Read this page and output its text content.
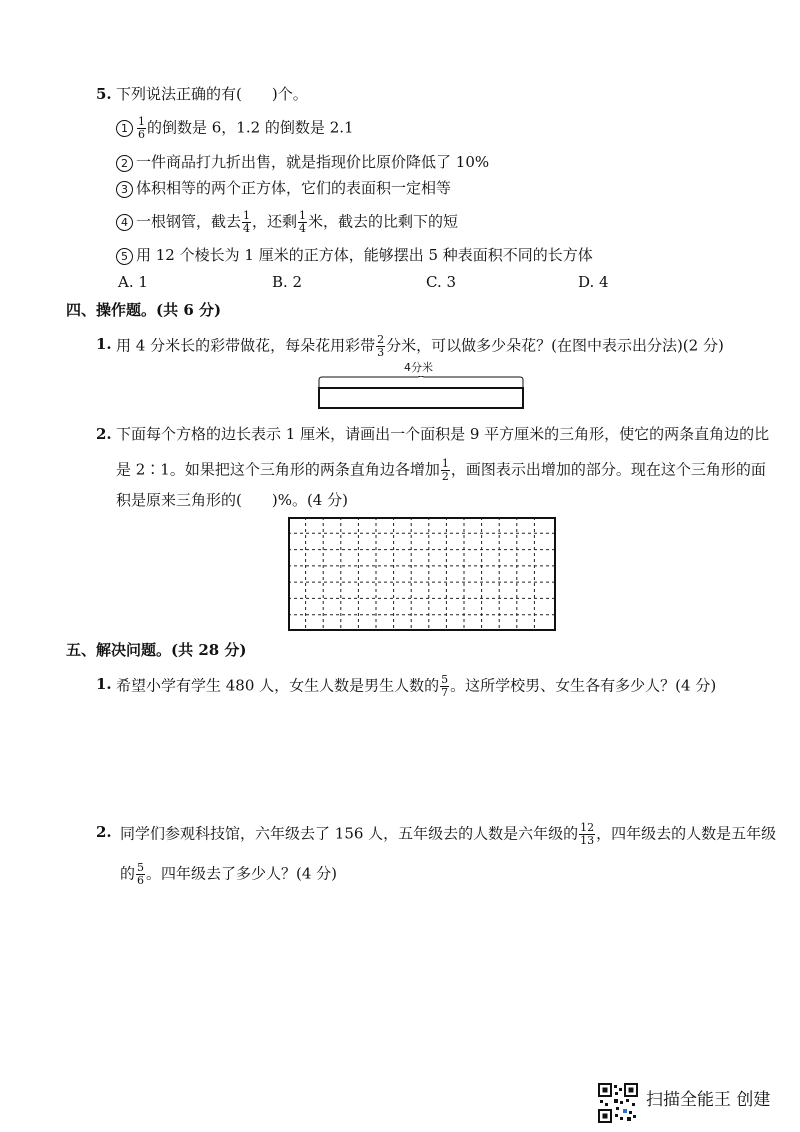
5. 下列说法正确的有(　　)个。
$1 \frac{1}{6}$ 的倒数是 6，1.2 的倒数是 2.1
2 一件商品打九折出售，就是指现价比原价降低了 10%
3 体积相等的两个正方体，它们的表面积一定相等
4 一根钢管，截去 $\frac{1}{4}$ ，还剩 $\frac{1}{4}$ 米，截去的比剩下的短
5 用 12 个棱长为 1 厘米的正方体，能够摆出 5 种表面积不同的长方体
A. 1	B. 2	C. 3	D. 4
四、操作题。(共 6 分)
1. 用 4 分米长的彩带做花，每朵花用彩带 $\frac{2}{3}$ 分米，可以做多少朵花？(在图中表示出分法)(2 分)
4分米
2. 下面每个方格的边长表示 1 厘米，请画出一个面积是 9 平方厘米的三角形，使它的两条直角边的比
是 2∶1。如果把这个三角形的两条直角边各增加 $\frac{1}{2}$ ，画图表示出增加的部分。现在这个三角形的面
积是原来三角形的(　　)%。(4 分)
五、解决问题。(共 28 分)
1. 希望小学有学生 480 人，女生人数是男生人数的 $\frac{5}{7}$ 。这所学校男、女生各有多少人？(4 分)
2. 同学们参观科技馆，六年级去了 156 人，五年级去的人数是六年级的 $\frac{12}{13}$ ，四年级去的人数是五年级
的 $\frac{5}{6}$ 。四年级去了多少人？(4 分)
扫描全能王 创建
